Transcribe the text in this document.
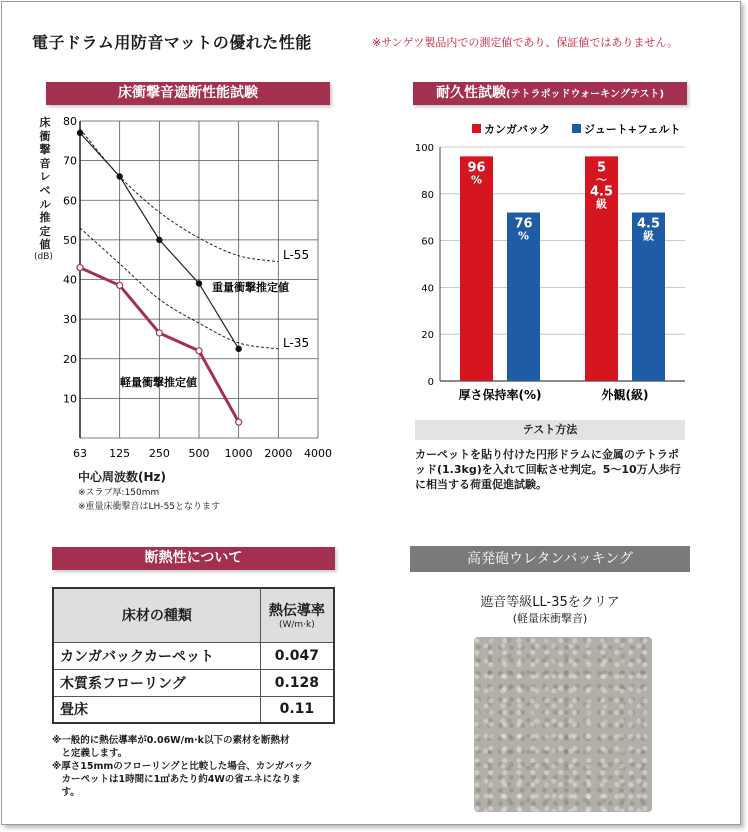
電子ドラム用防音マットの優れた性能	※サンゲツ製品内での測定値であり、保証値ではありません。
床衝撃音遮断性能試験
床
衝
撃
音
レ
ベ
ル
推
定
値
(dB)
10
20
30
40
50
60
70
80
63 125 250 500 1000 2000 4000
重量衝撃推定値
軽量衝撃推定値
L-55
L-35
中心周波数(Hz)
※スラブ厚:150mm
※重量床衝撃音はLH-55となります
耐久性試験(テトラポッドウォーキングテスト)
0
20
40
60
80
100
カンガバック	ジュート+フェルト
96 %
76 %
厚さ保持率(%)
5 〜 4.5 級
4.5 級
外観(級)
テスト方法
カーペットを貼り付けた円形ドラムに金属のテトラポッド(1.3kg)を入れて回転させ判定。5〜10万人歩行に相当する荷重促進試験。
断熱性について
床材の種類	熱伝導率
(W/m·k)

カンガバックカーペット	0.047
木質系フローリング	0.128
畳床	0.11
※一般的に熱伝導率が0.06W/m·k以下の素材を断熱材
　と定義します。
※厚さ15mmのフローリングと比較した場合、カンガバック
　カーペットは1時間に1㎡あたり約4Wの省エネになりま
　す。
高発砲ウレタンバッキング
遮音等級LL-35をクリア
(軽量床衝撃音)
